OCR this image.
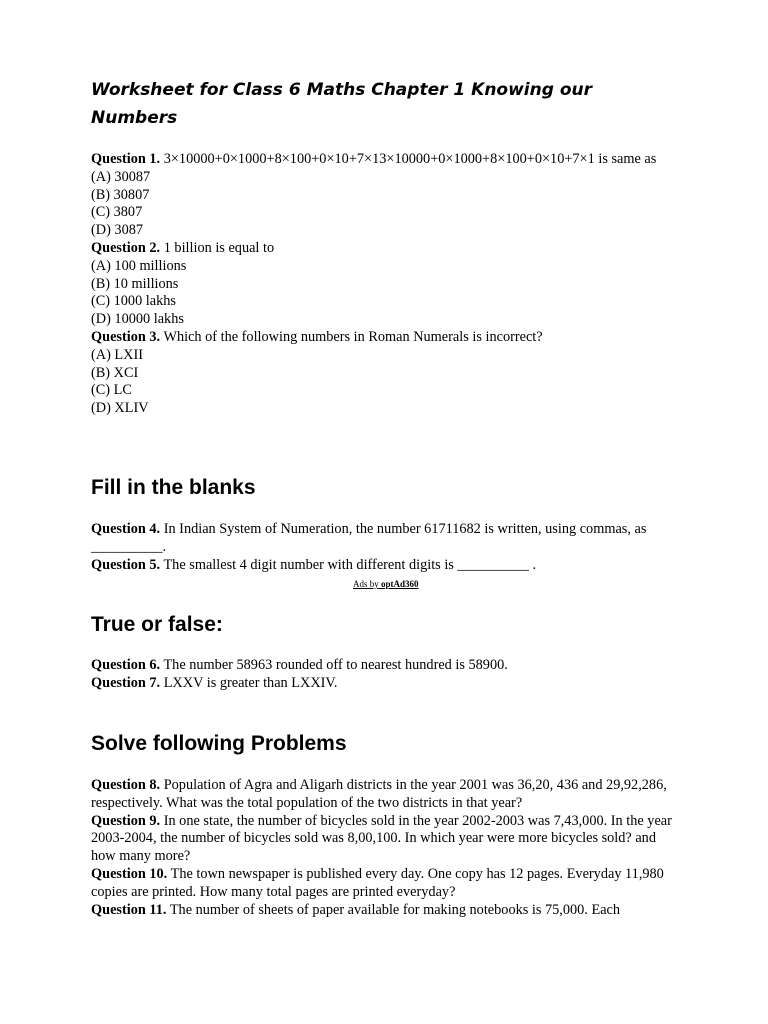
Worksheet for Class 6 Maths Chapter 1 Knowing our Numbers

Question 1. 3×10000+0×1000+8×100+0×10+7×13×10000+0×1000+8×100+0×10+7×1 is same as

(A) 30087

(B) 30807

(C) 3807

(D) 3087

Question 2. 1 billion is equal to

(A) 100 millions

(B) 10 millions

(C) 1000 lakhs

(D) 10000 lakhs

Question 3. Which of the following numbers in Roman Numerals is incorrect?

(A) LXII

(B) XCI

(C) LC

(D) XLIV

Fill in the blanks

Question 4. In Indian System of Numeration, the number 61711682 is written, using commas, as __________.

Question 5. The smallest 4 digit number with different digits is __________ .

Ads by optAd360
True or false:

Question 6. The number 58963 rounded off to nearest hundred is 58900.

Question 7. LXXV is greater than LXXIV.

Solve following Problems

Question 8. Population of Agra and Aligarh districts in the year 2001 was 36,20, 436 and 29,92,286, respectively. What was the total population of the two districts in that year?

Question 9. In one state, the number of bicycles sold in the year 2002-2003 was 7,43,000. In the year 2003-2004, the number of bicycles sold was 8,00,100. In which year were more bicycles sold? and how many more?

Question 10. The town newspaper is published every day. One copy has 12 pages. Everyday 11,980 copies are printed. How many total pages are printed everyday?

Question 11. The number of sheets of paper available for making notebooks is 75,000. Each
